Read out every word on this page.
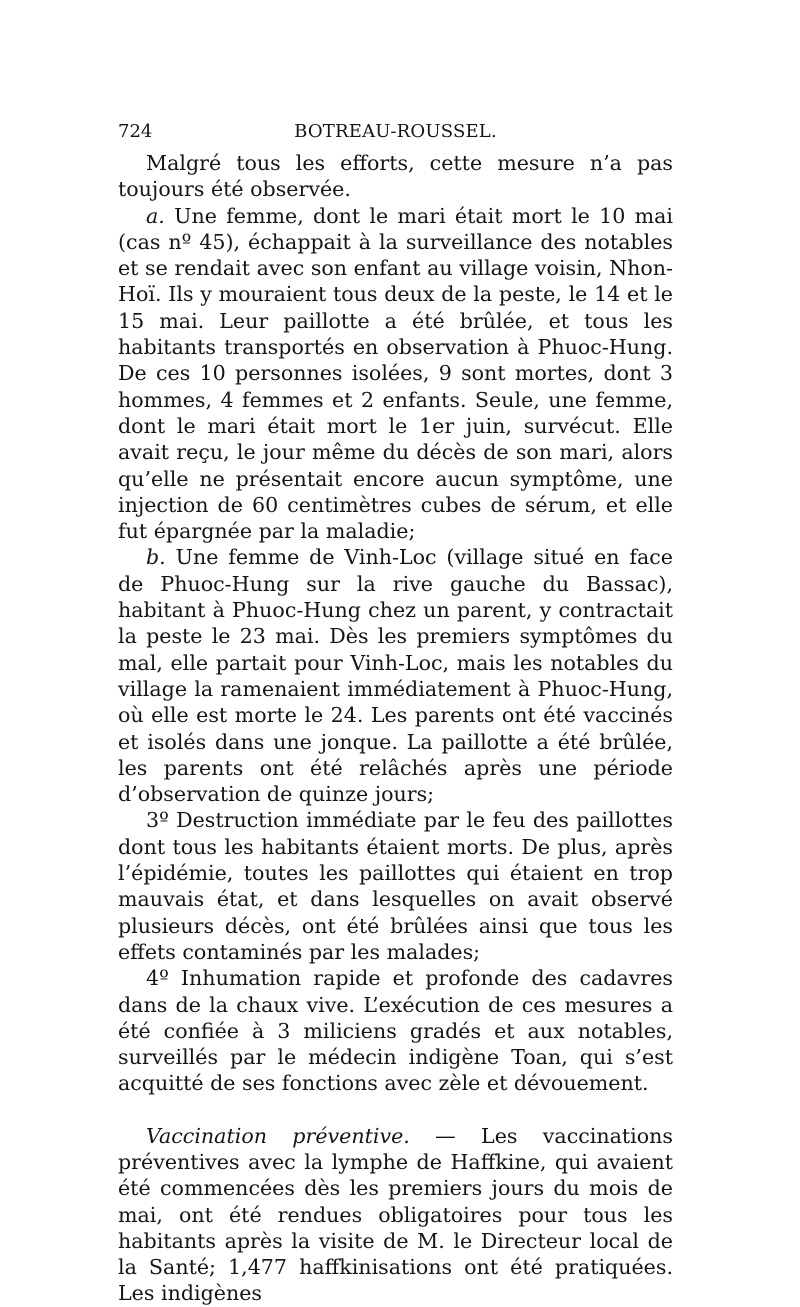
724	BOTREAU-ROUSSEL.

Malgré tous les efforts, cette mesure n’a pas toujours été observée.

a. Une femme, dont le mari était mort le 10 mai (cas nº 45), échappait à la surveillance des notables et se rendait avec son enfant au village voisin, Nhon-Hoï. Ils y mouraient tous deux de la peste, le 14 et le 15 mai. Leur paillotte a été brûlée, et tous les habitants transportés en observation à Phuoc-Hung. De ces 10 personnes isolées, 9 sont mortes, dont 3 hommes, 4 femmes et 2 enfants. Seule, une femme, dont le mari était mort le 1er juin, survécut. Elle avait reçu, le jour même du décès de son mari, alors qu’elle ne présentait encore aucun symptôme, une injection de 60 centimètres cubes de sérum, et elle fut épargnée par la maladie;

b. Une femme de Vinh-Loc (village situé en face de Phuoc-Hung sur la rive gauche du Bassac), habitant à Phuoc-Hung chez un parent, y contractait la peste le 23 mai. Dès les premiers symptômes du mal, elle partait pour Vinh-Loc, mais les notables du village la ramenaient immédiatement à Phuoc-Hung, où elle est morte le 24. Les parents ont été vaccinés et isolés dans une jonque. La paillotte a été brûlée, les parents ont été relâchés après une période d’observation de quinze jours;

3º Destruction immédiate par le feu des paillottes dont tous les habitants étaient morts. De plus, après l’épidémie, toutes les paillottes qui étaient en trop mauvais état, et dans lesquelles on avait observé plusieurs décès, ont été brûlées ainsi que tous les effets contaminés par les malades;

4º Inhumation rapide et profonde des cadavres dans de la chaux vive. L’exécution de ces mesures a été confiée à 3 miliciens gradés et aux notables, surveillés par le médecin indigène Toan, qui s’est acquitté de ses fonctions avec zèle et dévouement.

Vaccination préventive. — Les vaccinations préventives avec la lymphe de Haffkine, qui avaient été commencées dès les premiers jours du mois de mai, ont été rendues obligatoires pour tous les habitants après la visite de M. le Directeur local de la Santé; 1,477 haffkinisations ont été pratiquées. Les indigènes
